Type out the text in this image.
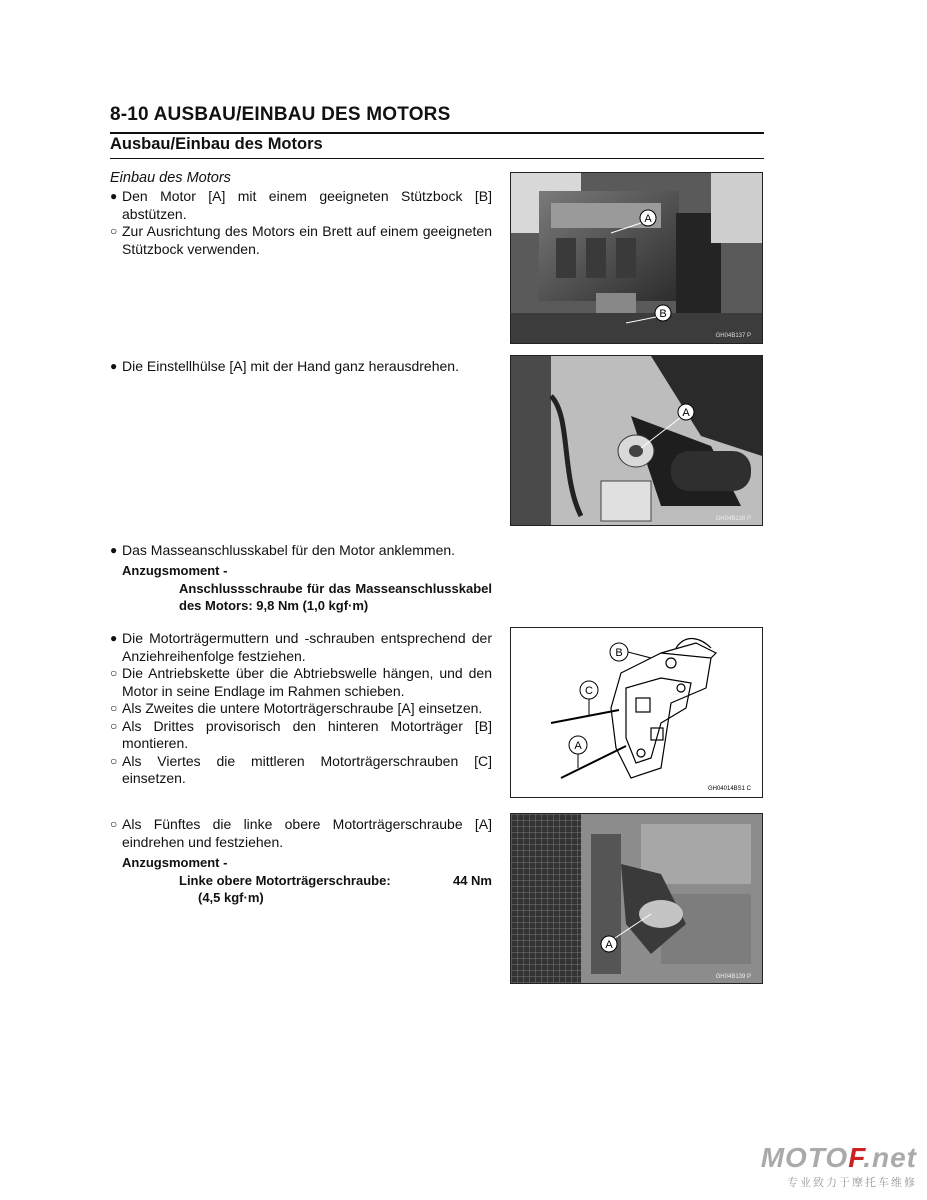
8-10 AUSBAU/EINBAU DES MOTORS
Ausbau/Einbau des Motors
Einbau des Motors
● Den Motor [A] mit einem geeigneten Stützbock [B] abstützen.
○ Zur Ausrichtung des Motors ein Brett auf einem geeigneten Stützbock verwenden.
A
B
GH04B137 P
● Die Einstellhülse [A] mit der Hand ganz herausdrehen.
A
GH04B138 P
● Das Masseanschlusskabel für den Motor anklemmen.
Anzugsmoment -
Anschlussschraube für das Masseanschlusskabel des Motors: 9,8 Nm (1,0 kgf·m)
● Die Motorträgermuttern und -schrauben entsprechend der Anziehreihenfolge festziehen.
○ Die Antriebskette über die Abtriebswelle hängen, und den Motor in seine Endlage im Rahmen schieben.
○ Als Zweites die untere Motorträgerschraube [A] einsetzen.
○ Als Drittes provisorisch den hinteren Motorträger [B] montieren.
○ Als Viertes die mittleren Motorträgerschrauben [C] einsetzen.
B
C
A
GH04014BS1 C
○ Als Fünftes die linke obere Motorträgerschraube [A] eindrehen und festziehen.
Anzugsmoment -
Linke obere Motorträgerschraube:	44 Nm
(4,5 kgf·m)
A
GH04B139 P
MOTOF.net
专业致力于摩托车维修
